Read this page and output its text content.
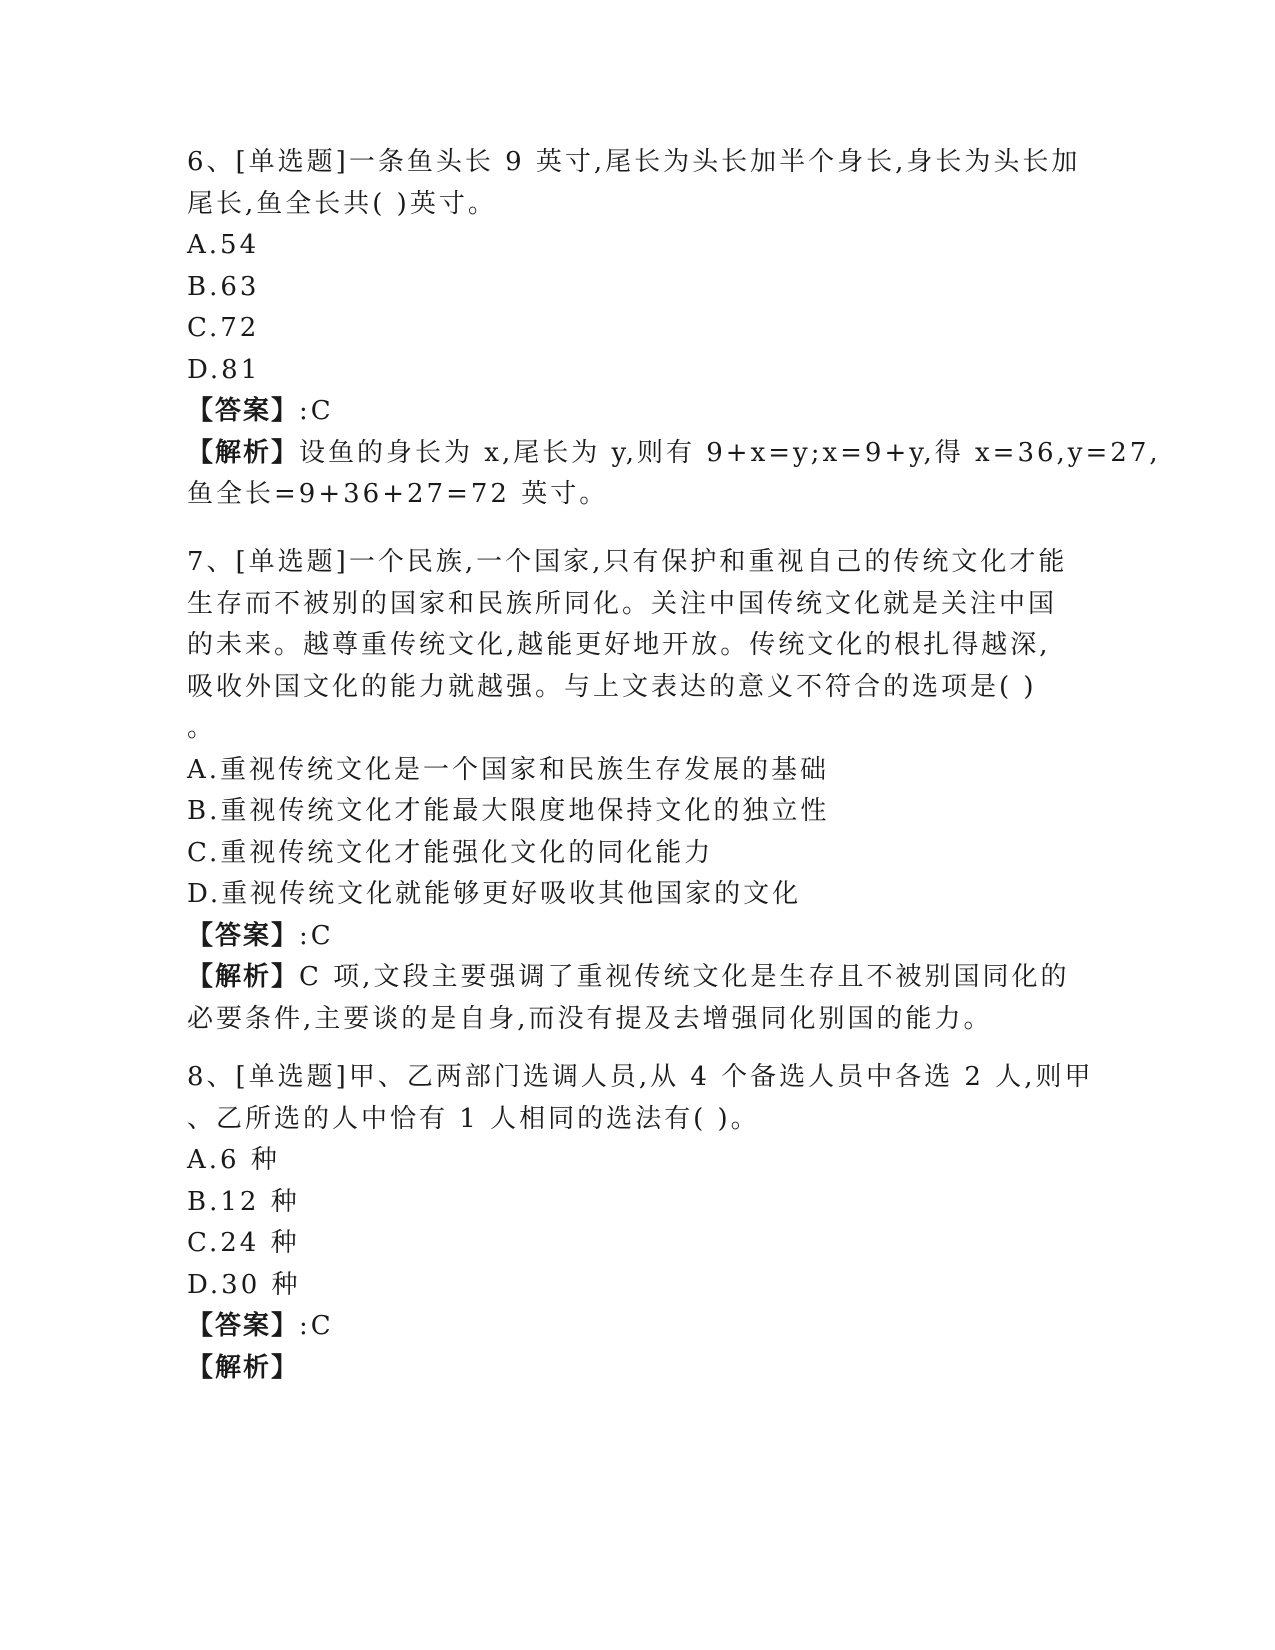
6、[单选题]一条鱼头长 9 英寸,尾长为头长加半个身长,身长为头长加

尾长,鱼全长共( )英寸。

A.54

B.63

C.72

D.81

【答案】:C

【解析】设鱼的身长为 x,尾长为 y,则有 9+x=y;x=9+y,得 x=36,y=27,

鱼全长=9+36+27=72 英寸。

7、[单选题]一个民族,一个国家,只有保护和重视自己的传统文化才能

生存而不被别的国家和民族所同化。关注中国传统文化就是关注中国

的未来。越尊重传统文化,越能更好地开放。传统文化的根扎得越深,

吸收外国文化的能力就越强。与上文表达的意义不符合的选项是( )

。

A.重视传统文化是一个国家和民族生存发展的基础

B.重视传统文化才能最大限度地保持文化的独立性

C.重视传统文化才能强化文化的同化能力

D.重视传统文化就能够更好吸收其他国家的文化

【答案】:C

【解析】C 项,文段主要强调了重视传统文化是生存且不被别国同化的

必要条件,主要谈的是自身,而没有提及去增强同化别国的能力。

8、[单选题]甲、乙两部门选调人员,从 4 个备选人员中各选 2 人,则甲

、乙所选的人中恰有 1 人相同的选法有( )。

A.6 种

B.12 种

C.24 种

D.30 种

【答案】:C

【解析】
